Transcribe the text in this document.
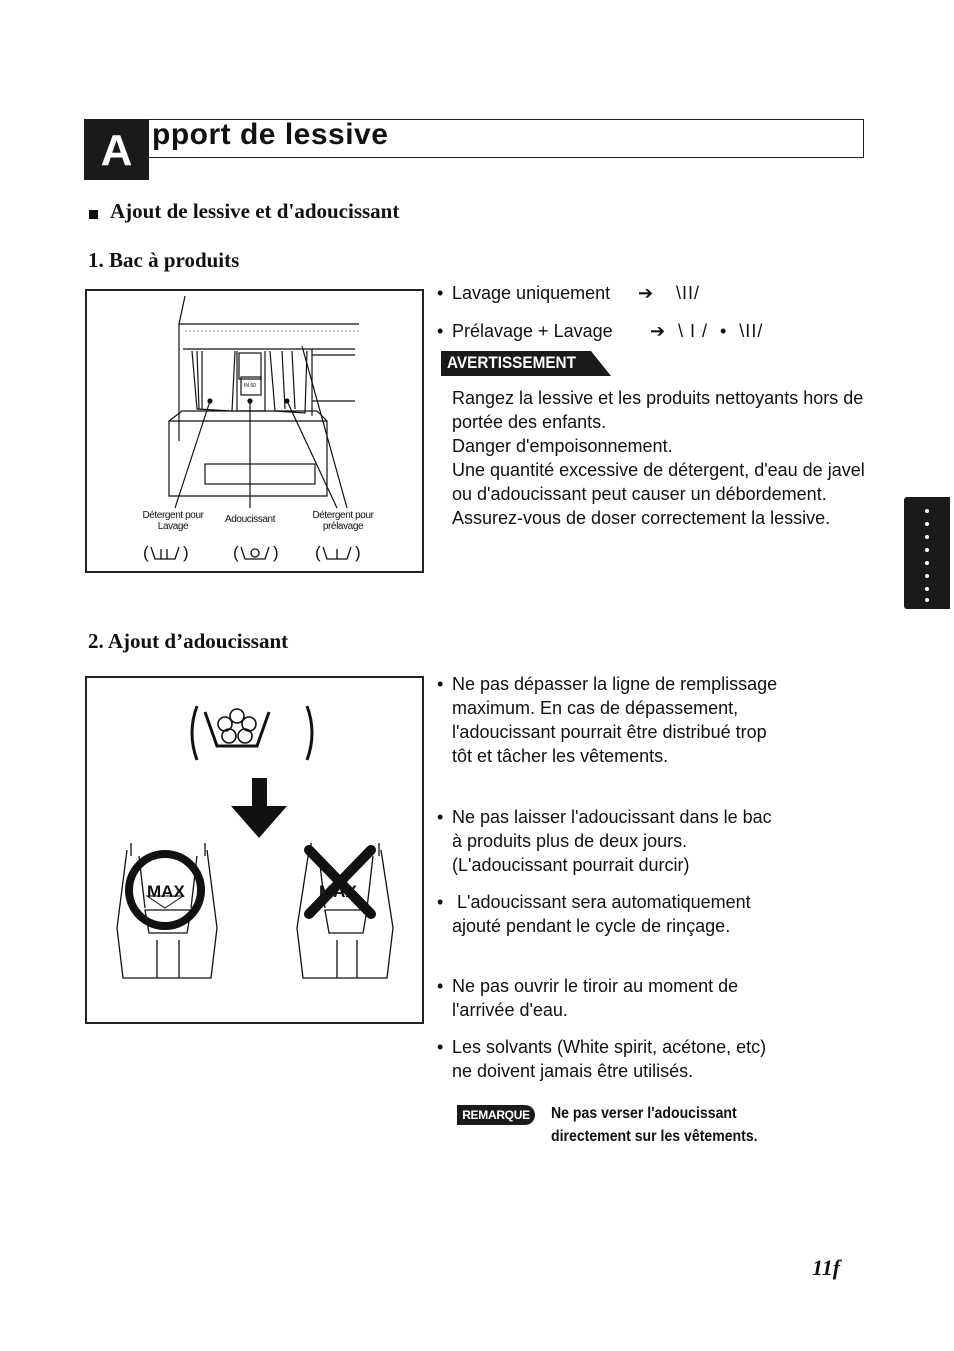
A pport de lessive
Ajout de lessive et d'adoucissant
1. Bac à produits
IN 60
Détergent pour
Lavage
Adoucissant	Détergent pour
prélavage
( )	( ) ( )
• Lavage uniquement ➔ \II/
• Prélavage + Lavage ➔ \ I /  •  \II/
AVERTISSEMENT
Rangez la lessive et les produits nettoyants hors de portée des enfants.
Danger d'empoisonnement.
Une quantité excessive de détergent, d'eau de javel ou d'adoucissant peut causer un débordement.
Assurez-vous de doser correctement la lessive.
2. Ajout d’adoucissant
MAX	MAX
• Ne pas dépasser la ligne de remplissage maximum. En cas de dépassement, l'adoucissant pourrait être distribué trop tôt et tâcher les vêtements.
• Ne pas laisser l'adoucissant dans le bac à produits plus de deux jours. (L'adoucissant pourrait durcir)
• L'adoucissant sera automatiquement ajouté pendant le cycle de rinçage.
• Ne pas ouvrir le tiroir au moment de l'arrivée d'eau.
• Les solvants (White spirit, acétone, etc) ne doivent jamais être utilisés.
REMARQUE	Ne pas verser l'adoucissant
directement sur les vêtements.
11f
